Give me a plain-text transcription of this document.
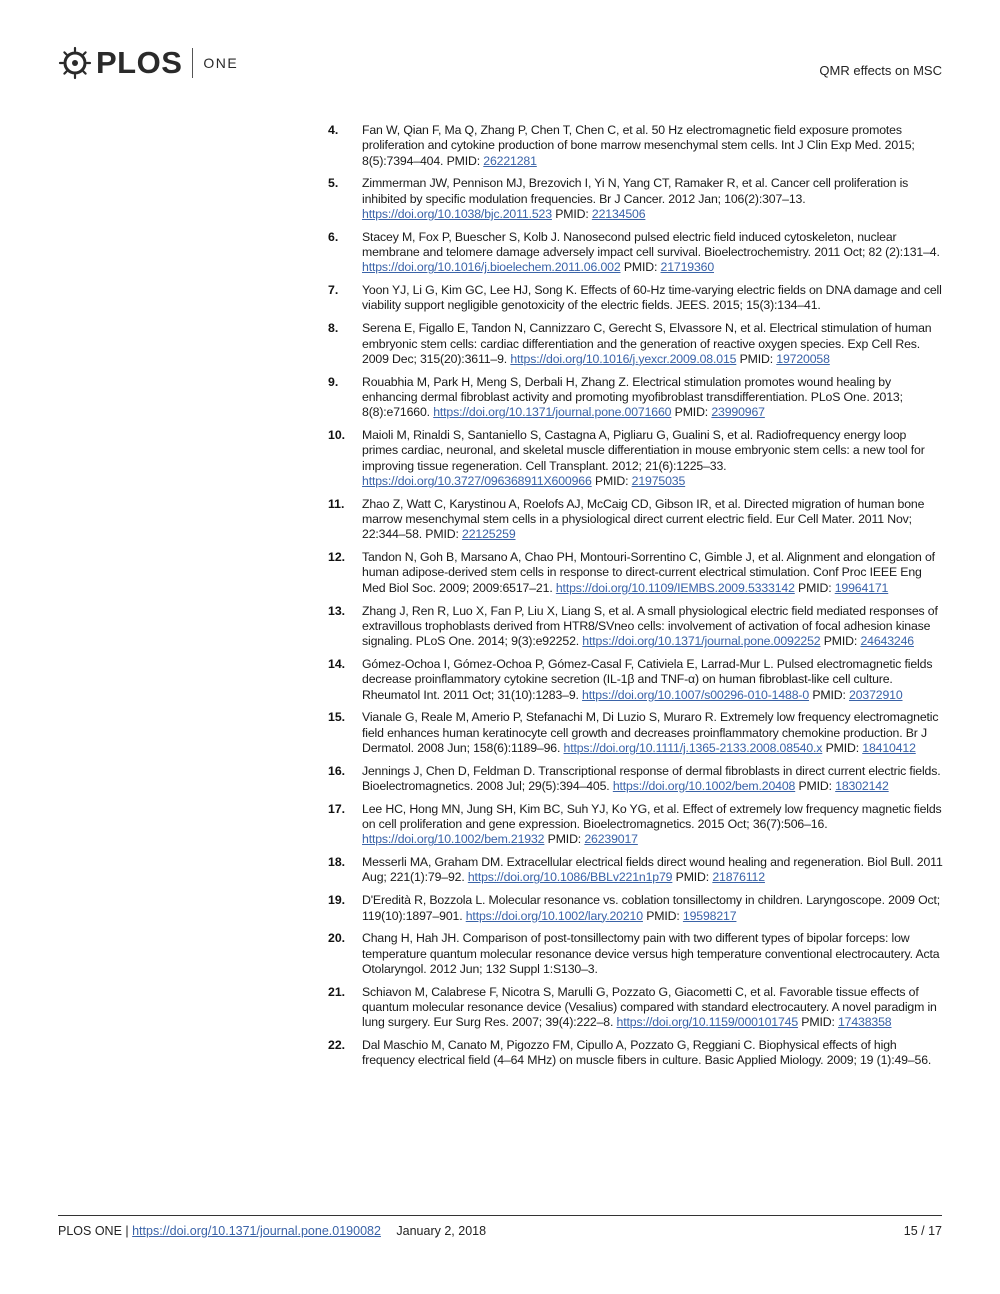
PLOS ONE	QMR effects on MSC
4.	Fan W, Qian F, Ma Q, Zhang P, Chen T, Chen C, et al. 50 Hz electromagnetic field exposure promotes proliferation and cytokine production of bone marrow mesenchymal stem cells. Int J Clin Exp Med. 2015; 8(5):7394–404. PMID: 26221281
5.	Zimmerman JW, Pennison MJ, Brezovich I, Yi N, Yang CT, Ramaker R, et al. Cancer cell proliferation is inhibited by specific modulation frequencies. Br J Cancer. 2012 Jan; 106(2):307–13. https://doi.org/10.1038/bjc.2011.523 PMID: 22134506
6.	Stacey M, Fox P, Buescher S, Kolb J. Nanosecond pulsed electric field induced cytoskeleton, nuclear membrane and telomere damage adversely impact cell survival. Bioelectrochemistry. 2011 Oct; 82 (2):131–4. https://doi.org/10.1016/j.bioelechem.2011.06.002 PMID: 21719360
7.	Yoon YJ, Li G, Kim GC, Lee HJ, Song K. Effects of 60-Hz time-varying electric fields on DNA damage and cell viability support negligible genotoxicity of the electric fields. JEES. 2015; 15(3):134–41.
8.	Serena E, Figallo E, Tandon N, Cannizzaro C, Gerecht S, Elvassore N, et al. Electrical stimulation of human embryonic stem cells: cardiac differentiation and the generation of reactive oxygen species. Exp Cell Res. 2009 Dec; 315(20):3611–9. https://doi.org/10.1016/j.yexcr.2009.08.015 PMID: 19720058
9.	Rouabhia M, Park H, Meng S, Derbali H, Zhang Z. Electrical stimulation promotes wound healing by enhancing dermal fibroblast activity and promoting myofibroblast transdifferentiation. PLoS One. 2013; 8(8):e71660. https://doi.org/10.1371/journal.pone.0071660 PMID: 23990967
10.	Maioli M, Rinaldi S, Santaniello S, Castagna A, Pigliaru G, Gualini S, et al. Radiofrequency energy loop primes cardiac, neuronal, and skeletal muscle differentiation in mouse embryonic stem cells: a new tool for improving tissue regeneration. Cell Transplant. 2012; 21(6):1225–33. https://doi.org/10.3727/096368911X600966 PMID: 21975035
11.	Zhao Z, Watt C, Karystinou A, Roelofs AJ, McCaig CD, Gibson IR, et al. Directed migration of human bone marrow mesenchymal stem cells in a physiological direct current electric field. Eur Cell Mater. 2011 Nov; 22:344–58. PMID: 22125259
12.	Tandon N, Goh B, Marsano A, Chao PH, Montouri-Sorrentino C, Gimble J, et al. Alignment and elongation of human adipose-derived stem cells in response to direct-current electrical stimulation. Conf Proc IEEE Eng Med Biol Soc. 2009; 2009:6517–21. https://doi.org/10.1109/IEMBS.2009.5333142 PMID: 19964171
13.	Zhang J, Ren R, Luo X, Fan P, Liu X, Liang S, et al. A small physiological electric field mediated responses of extravillous trophoblasts derived from HTR8/SVneo cells: involvement of activation of focal adhesion kinase signaling. PLoS One. 2014; 9(3):e92252. https://doi.org/10.1371/journal.pone.0092252 PMID: 24643246
14.	Gómez-Ochoa I, Gómez-Ochoa P, Gómez-Casal F, Cativiela E, Larrad-Mur L. Pulsed electromagnetic fields decrease proinflammatory cytokine secretion (IL-1β and TNF-α) on human fibroblast-like cell culture. Rheumatol Int. 2011 Oct; 31(10):1283–9. https://doi.org/10.1007/s00296-010-1488-0 PMID: 20372910
15.	Vianale G, Reale M, Amerio P, Stefanachi M, Di Luzio S, Muraro R. Extremely low frequency electromagnetic field enhances human keratinocyte cell growth and decreases proinflammatory chemokine production. Br J Dermatol. 2008 Jun; 158(6):1189–96. https://doi.org/10.1111/j.1365-2133.2008.08540.x PMID: 18410412
16.	Jennings J, Chen D, Feldman D. Transcriptional response of dermal fibroblasts in direct current electric fields. Bioelectromagnetics. 2008 Jul; 29(5):394–405. https://doi.org/10.1002/bem.20408 PMID: 18302142
17.	Lee HC, Hong MN, Jung SH, Kim BC, Suh YJ, Ko YG, et al. Effect of extremely low frequency magnetic fields on cell proliferation and gene expression. Bioelectromagnetics. 2015 Oct; 36(7):506–16. https://doi.org/10.1002/bem.21932 PMID: 26239017
18.	Messerli MA, Graham DM. Extracellular electrical fields direct wound healing and regeneration. Biol Bull. 2011 Aug; 221(1):79–92. https://doi.org/10.1086/BBLv221n1p79 PMID: 21876112
19.	D'Eredità R, Bozzola L. Molecular resonance vs. coblation tonsillectomy in children. Laryngoscope. 2009 Oct; 119(10):1897–901. https://doi.org/10.1002/lary.20210 PMID: 19598217
20.	Chang H, Hah JH. Comparison of post-tonsillectomy pain with two different types of bipolar forceps: low temperature quantum molecular resonance device versus high temperature conventional electrocautery. Acta Otolaryngol. 2012 Jun; 132 Suppl 1:S130–3.
21.	Schiavon M, Calabrese F, Nicotra S, Marulli G, Pozzato G, Giacometti C, et al. Favorable tissue effects of quantum molecular resonance device (Vesalius) compared with standard electrocautery. A novel paradigm in lung surgery. Eur Surg Res. 2007; 39(4):222–8. https://doi.org/10.1159/000101745 PMID: 17438358
22.	Dal Maschio M, Canato M, Pigozzo FM, Cipullo A, Pozzato G, Reggiani C. Biophysical effects of high frequency electrical field (4–64 MHz) on muscle fibers in culture. Basic Applied Miology. 2009; 19 (1):49–56.
PLOS ONE | https://doi.org/10.1371/journal.pone.0190082 January 2, 2018	15 / 17
